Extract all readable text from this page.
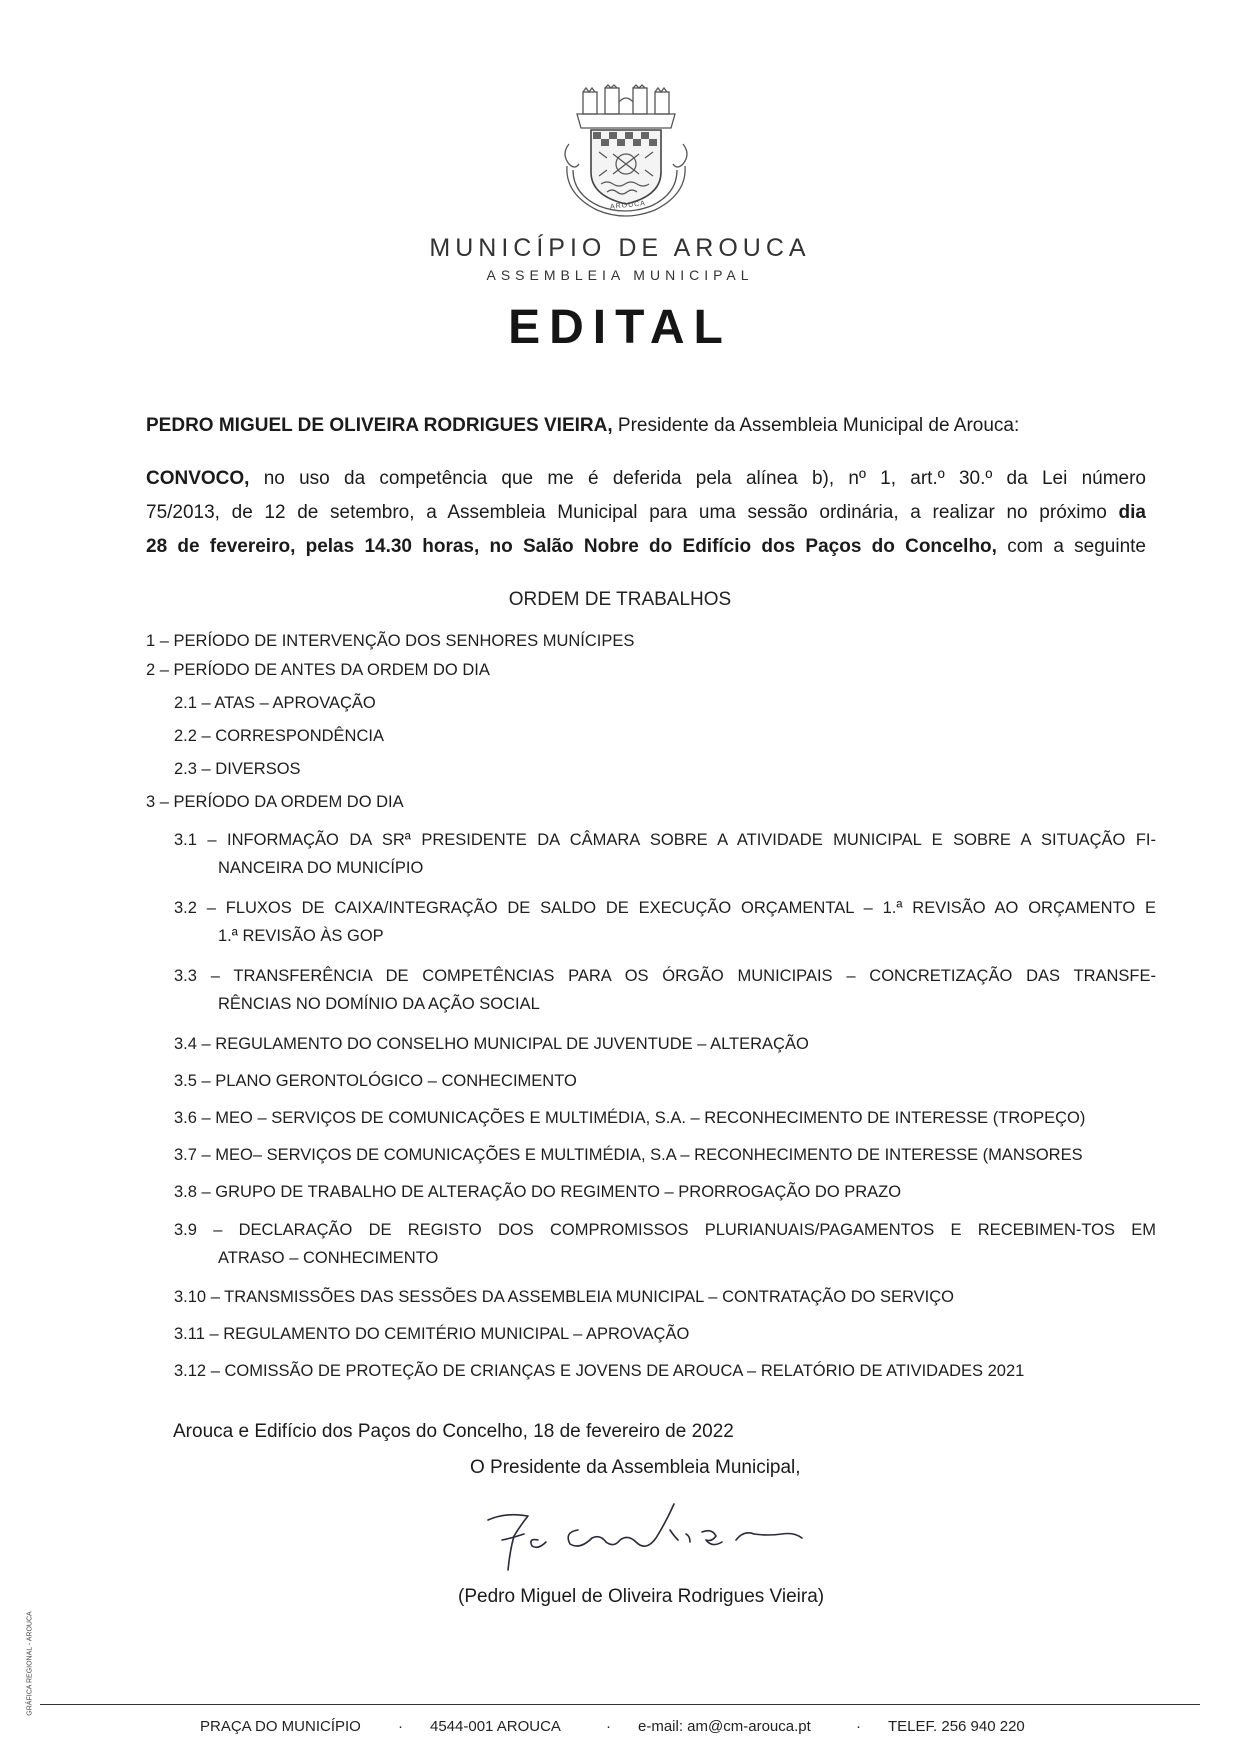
AROUCA
MUNICÍPIO DE AROUCA
ASSEMBLEIA MUNICIPAL
EDITAL
PEDRO MIGUEL DE OLIVEIRA RODRIGUES VIEIRA, Presidente da Assembleia Municipal de Arouca:
CONVOCO, no uso da competência que me é deferida pela alínea b), nº 1, art.º 30.º da Lei número
75/2013, de 12 de setembro, a Assembleia Municipal para uma sessão ordinária, a realizar no próximo dia
28 de fevereiro, pelas 14.30 horas, no Salão Nobre do Edifício dos Paços do Concelho, com a seguinte
ORDEM DE TRABALHOS
1 – PERÍODO DE INTERVENÇÃO DOS SENHORES MUNÍCIPES
2 – PERÍODO DE ANTES DA ORDEM DO DIA
2.1 – ATAS – APROVAÇÃO
2.2 – CORRESPONDÊNCIA
2.3 – DIVERSOS
3 – PERÍODO DA ORDEM DO DIA
3.1 – INFORMAÇÃO DA SRª PRESIDENTE DA CÂMARA SOBRE A ATIVIDADE MUNICIPAL E SOBRE A SITUAÇÃO FI-
NANCEIRA DO MUNICÍPIO
3.2 – FLUXOS DE CAIXA/INTEGRAÇÃO DE SALDO DE EXECUÇÃO ORÇAMENTAL – 1.ª REVISÃO AO ORÇAMENTO E
1.ª REVISÃO ÀS GOP
3.3 – TRANSFERÊNCIA DE COMPETÊNCIAS PARA OS ÓRGÃO MUNICIPAIS – CONCRETIZAÇÃO DAS TRANSFE-
RÊNCIAS NO DOMÍNIO DA AÇÃO SOCIAL
3.4 – REGULAMENTO DO CONSELHO MUNICIPAL DE JUVENTUDE – ALTERAÇÃO
3.5 – PLANO GERONTOLÓGICO – CONHECIMENTO
3.6 – MEO – SERVIÇOS DE COMUNICAÇÕES E MULTIMÉDIA, S.A. – RECONHECIMENTO DE INTERESSE (TROPEÇO)
3.7 – MEO– SERVIÇOS DE COMUNICAÇÕES E MULTIMÉDIA, S.A – RECONHECIMENTO DE INTERESSE (MANSORES
3.8 – GRUPO DE TRABALHO DE ALTERAÇÃO DO REGIMENTO – PRORROGAÇÃO DO PRAZO
3.9 – DECLARAÇÃO DE REGISTO DOS COMPROMISSOS PLURIANUAIS/PAGAMENTOS E RECEBIMEN-TOS EM
ATRASO – CONHECIMENTO
3.10 – TRANSMISSÕES DAS SESSÕES DA ASSEMBLEIA MUNICIPAL – CONTRATAÇÃO DO SERVIÇO
3.11 – REGULAMENTO DO CEMITÉRIO MUNICIPAL – APROVAÇÃO
3.12 – COMISSÃO DE PROTEÇÃO DE CRIANÇAS E JOVENS DE AROUCA – RELATÓRIO DE ATIVIDADES 2021
Arouca e Edifício dos Paços do Concelho, 18 de fevereiro de 2022
O Presidente da Assembleia Municipal,
(Pedro Miguel de Oliveira Rodrigues Vieira)
GRÁFICA REGIONAL - AROUCA
PRAÇA DO MUNICÍPIO · 4544-001 AROUCA	· e-mail: am@cm-arouca.pt	· TELEF. 256 940 220
